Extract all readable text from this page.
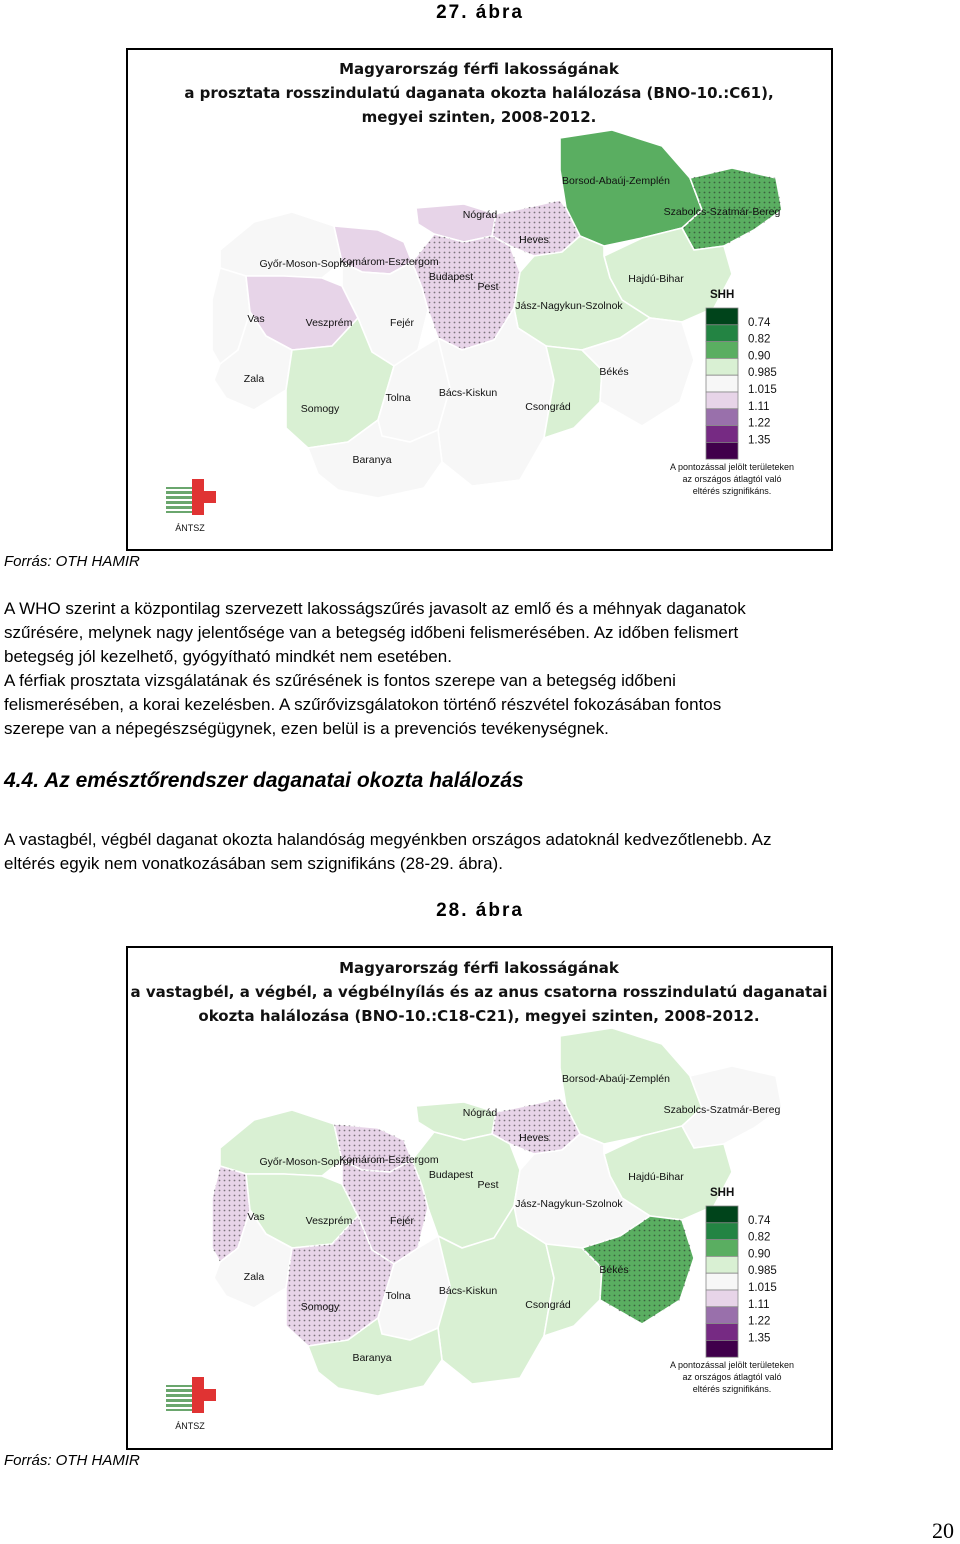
27. ábra
Magyarország férfi lakosságának
a prosztata rosszindulatú daganata okozta halálozása (BNO-10.:C61),
megyei szinten, 2008-2012.
Borsod-Abaúj-Zemplén
Szabolcs-Szatmár-Bereg
Nógrád
Heves
Győr-Moson-Sopron
Komárom-Esztergom
Budapest
Pest
Hajdú-Bihar
Jász-Nagykun-Szolnok
Vas	Veszprém	Fejér
Zala
Somogy
Tolna	Bács-Kiskun
Csongrád
Békés
Baranya
SHH
0.74
0.82
0.90
0.985
1.015
1.11
1.22
1.35
A pontozással jelölt területeken
az országos átlagtól való
eltérés szignifikáns.
ÁNTSZ
Forrás: OTH HAMIR
A WHO szerint a központilag szervezett lakosságszűrés javasolt az emlő és a méhnyak daganatok
szűrésére, melynek nagy jelentősége van a betegség időbeni felismerésében. Az időben felismert
betegség jól kezelhető, gyógyítható mindkét nem esetében.
A férfiak prosztata vizsgálatának és szűrésének is fontos szerepe van a betegség időbeni
felismerésében, a korai kezelésben. A szűrővizsgálatokon történő részvétel fokozásában fontos
szerepe van a népegészségügynek, ezen belül is a prevenciós tevékenységnek.
4.4. Az emésztőrendszer daganatai okozta halálozás
A vastagbél, végbél daganat okozta halandóság megyénkben országos adatoknál kedvezőtlenebb. Az
eltérés egyik nem vonatkozásában sem szignifikáns (28-29. ábra).
28. ábra
Magyarország férfi lakosságának
a vastagbél, a végbél, a végbélnyílás és az anus csatorna rosszindulatú daganatai
okozta halálozása (BNO-10.:C18-C21), megyei szinten, 2008-2012.
Borsod-Abaúj-Zemplén
Szabolcs-Szatmár-Bereg
Nógrád
Heves
Győr-Moson-Sopron
Komárom-Esztergom
Budapest
Pest
Hajdú-Bihar
Jász-Nagykun-Szolnok
Vas	Veszprém	Fejér
Zala
Somogy
Tolna	Bács-Kiskun
Csongrád
Békés
Baranya
SHH
0.74
0.82
0.90
0.985
1.015
1.11
1.22
1.35
A pontozással jelölt területeken
az országos átlagtól való
eltérés szignifikáns.
ÁNTSZ
Forrás: OTH HAMIR
20
